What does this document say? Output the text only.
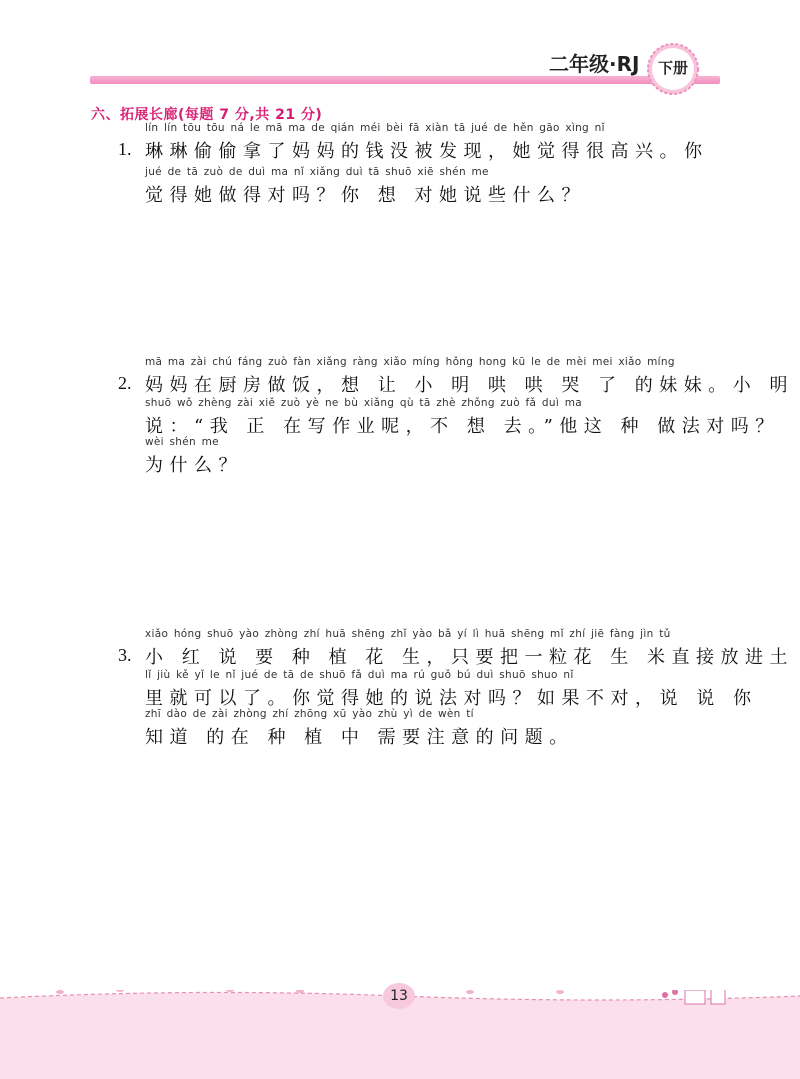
二年级·RJ	下册
六、拓展长廊(每题 7 分,共 21 分)
1.
lín lín tōu tōu ná le mā ma de qián méi bèi fā xiàn tā jué de hěn gāo xìng nǐ
琳琳偷偷拿了妈妈的钱没被发现，她觉得很高兴。你
jué de tā zuò de duì ma nǐ xiǎng duì tā shuō xiē shén me
觉得她做得对吗？你 想 对她说些什么？
2.
mā ma zài chú fáng zuò fàn xiǎng ràng xiǎo míng hǒng hong kū le de mèi mei xiǎo míng
妈妈在厨房做饭，想 让 小 明 哄 哄 哭 了 的妹妹。小 明
shuō wǒ zhèng zài xiě zuò yè ne bù xiǎng qù tā zhè zhǒng zuò fǎ duì ma
说：“我 正 在写作业呢，不 想 去。”他这 种 做法对吗？
wèi shén me
为什么？
3.
xiǎo hóng shuō yào zhòng zhí huā shēng zhǐ yào bǎ yí lì huā shēng mǐ zhí jiē fàng jìn tǔ
小 红 说 要 种 植 花 生，只要把一粒花 生 米直接放进土
lǐ jiù kě yǐ le nǐ jué de tā de shuō fǎ duì ma rú guǒ bú duì shuō shuo nǐ
里就可以了。你觉得她的说法对吗？如果不对，说 说 你
zhī dào de zài zhòng zhí zhōng xū yào zhù yì de wèn tí
知道 的在 种 植 中 需要注意的问题。
13
